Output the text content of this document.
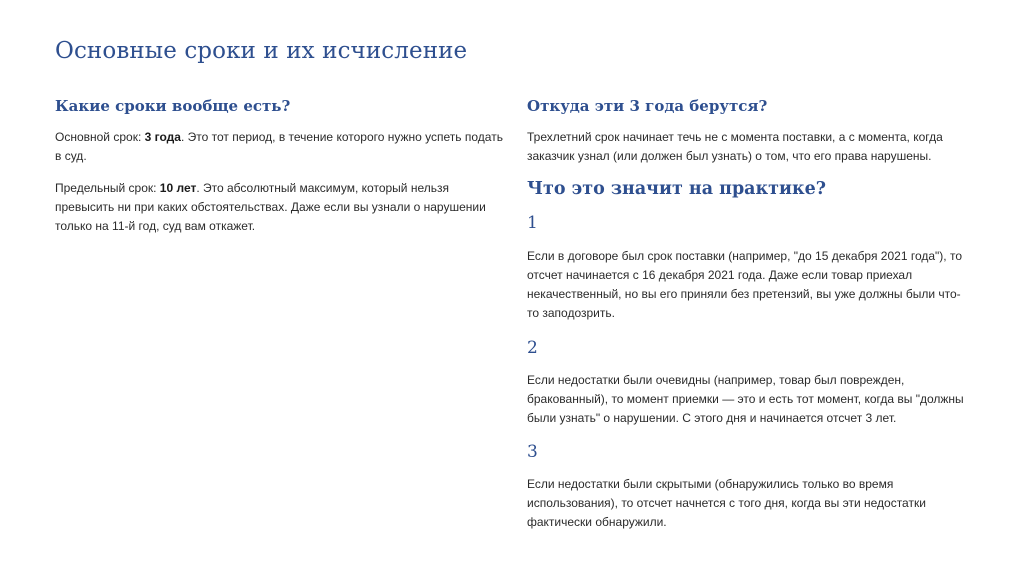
Основные сроки и их исчисление
Какие сроки вообще есть?

Основной срок: 3 года. Это тот период, в течение которого нужно успеть подать в суд.

Предельный срок: 10 лет. Это абсолютный максимум, который нельзя превысить ни при каких обстоятельствах. Даже если вы узнали о нарушении только на 11-й год, суд вам откажет.

Откуда эти 3 года берутся?

Трехлетний срок начинает течь не с момента поставки, а с момента, когда заказчик узнал (или должен был узнать) о том, что его права нарушены.

Что это значит на практике?
1

Если в договоре был срок поставки (например, "до 15 декабря 2021 года"), то отсчет начинается с 16 декабря 2021 года. Даже если товар приехал некачественный, но вы его приняли без претензий, вы уже должны были что-то заподозрить.

2

Если недостатки были очевидны (например, товар был поврежден, бракованный), то момент приемки — это и есть тот момент, когда вы "должны были узнать" о нарушении. С этого дня и начинается отсчет 3 лет.

3

Если недостатки были скрытыми (обнаружились только во время использования), то отсчет начнется с того дня, когда вы эти недостатки фактически обнаружили.
